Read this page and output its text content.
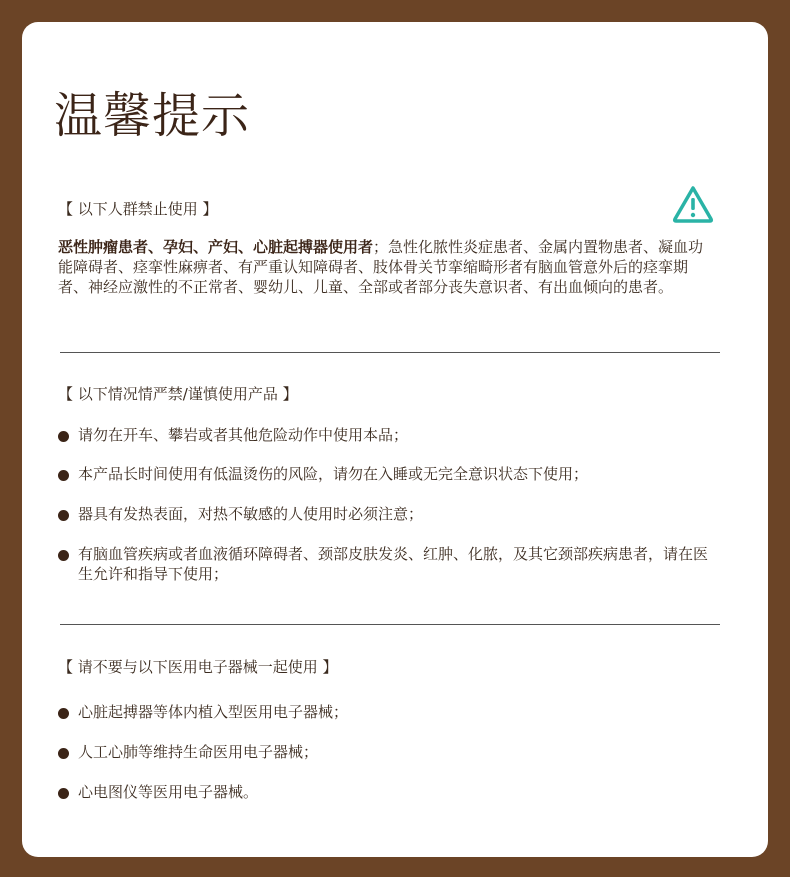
温馨提示
【 以下人群禁止使用 】
恶性肿瘤患者、孕妇、产妇、心脏起搏器使用者；急性化脓性炎症患者、金属内置物患者、凝血功能障碍者、痉挛性麻痹者、有严重认知障碍者、肢体骨关节挛缩畸形者有脑血管意外后的痉挛期者、神经应激性的不正常者、婴幼儿、儿童、全部或者部分丧失意识者、有出血倾向的患者。
【 以下情况情严禁/谨慎使用产品 】
请勿在开车、攀岩或者其他危险动作中使用本品；
本产品长时间使用有低温烫伤的风险，请勿在入睡或无完全意识状态下使用；
器具有发热表面，对热不敏感的人使用时必须注意；
有脑血管疾病或者血液循环障碍者、颈部皮肤发炎、红肿、化脓，及其它颈部疾病患者，请在医生允许和指导下使用；
【 请不要与以下医用电子器械一起使用 】
心脏起搏器等体内植入型医用电子器械；
人工心肺等维持生命医用电子器械；
心电图仪等医用电子器械。
